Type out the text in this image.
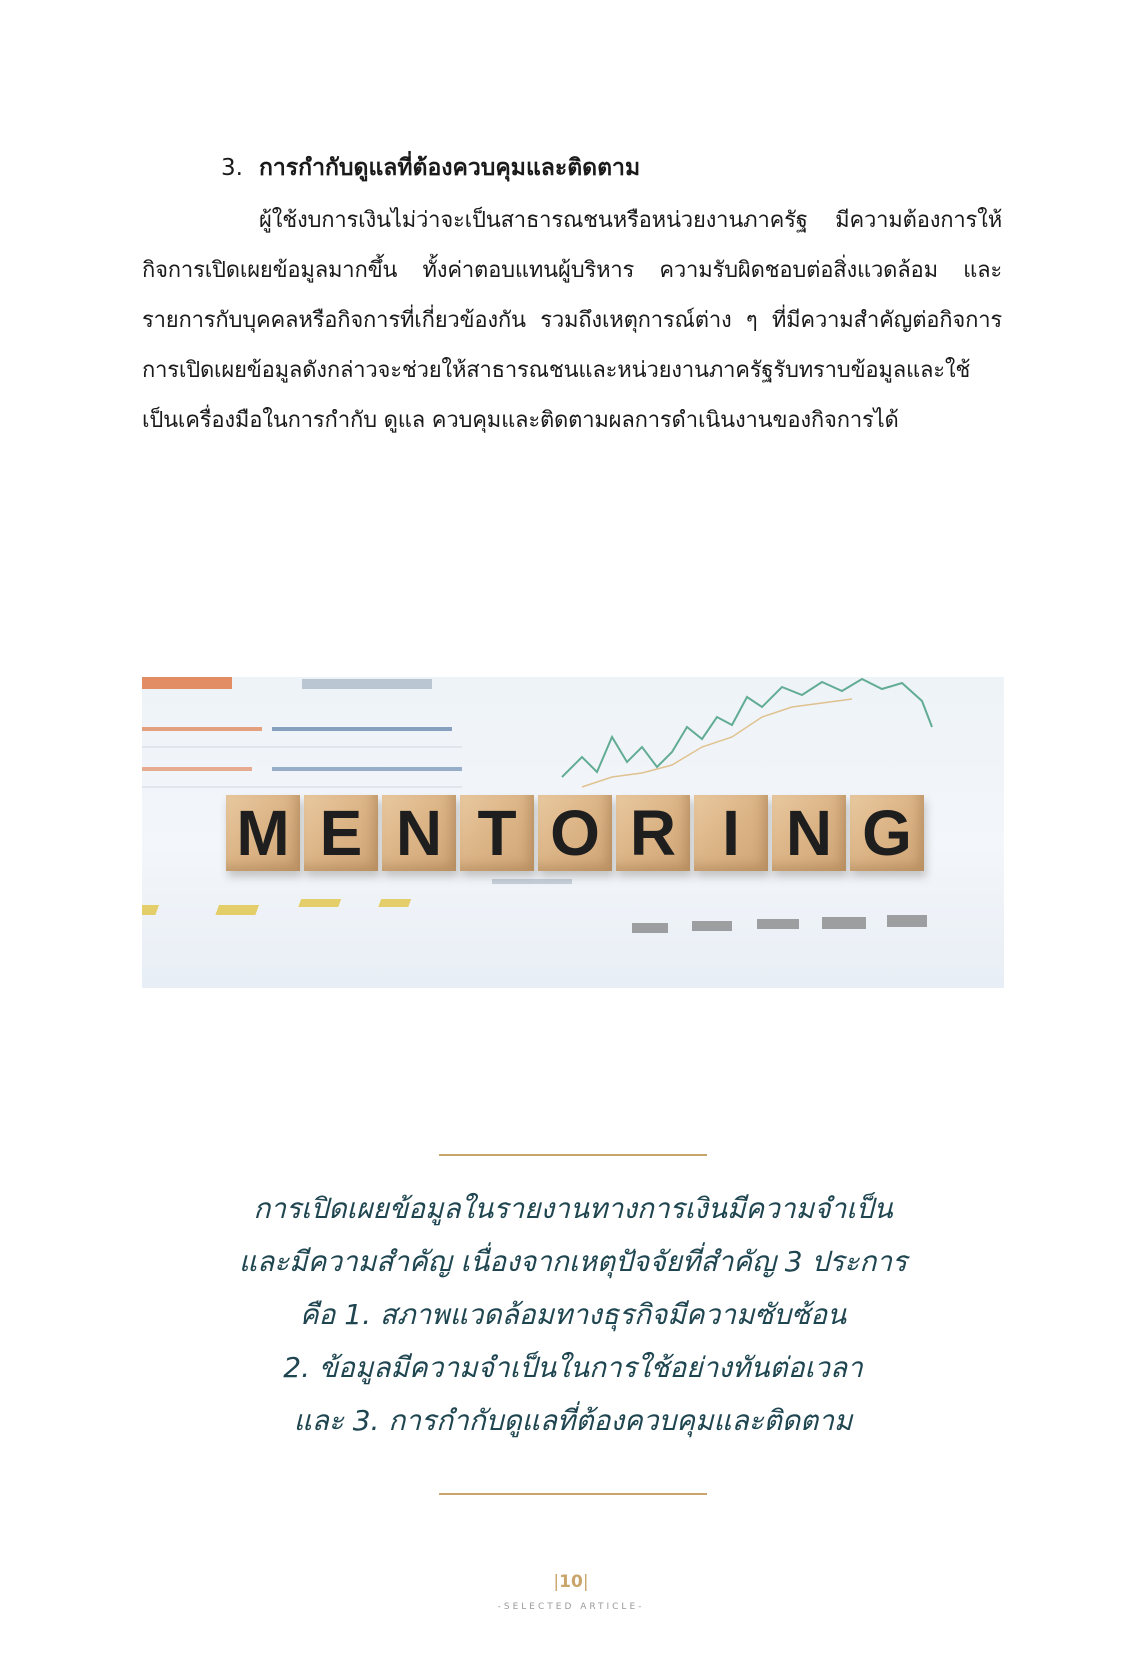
3. การกำกับดูแลที่ต้องควบคุมและติดตาม
ผู้ใช้งบการเงินไม่ว่าจะเป็นสาธารณชนหรือหน่วยงานภาครัฐ มีความต้องการให้กิจการเปิดเผยข้อมูลมากขึ้น ทั้งค่าตอบแทนผู้บริหาร ความรับผิดชอบต่อสิ่งแวดล้อม และรายการกับบุคคลหรือกิจการที่เกี่ยวข้องกัน รวมถึงเหตุการณ์ต่าง ๆ ที่มีความสำคัญต่อกิจการ การเปิดเผยข้อมูลดังกล่าวจะช่วยให้สาธารณชนและหน่วยงานภาครัฐรับทราบข้อมูลและใช้เป็นเครื่องมือในการกำกับ ดูแล ควบคุมและติดตามผลการดำเนินงานของกิจการได้
M E N T O R I N G
การเปิดเผยข้อมูลในรายงานทางการเงินมีความจำเป็น
และมีความสำคัญ เนื่องจากเหตุปัจจัยที่สำคัญ 3 ประการ
คือ 1. สภาพแวดล้อมทางธุรกิจมีความซับซ้อน
2. ข้อมูลมีความจำเป็นในการใช้อย่างทันต่อเวลา
และ 3. การกำกับดูแลที่ต้องควบคุมและติดตาม
|10|
-SELECTED ARTICLE-
